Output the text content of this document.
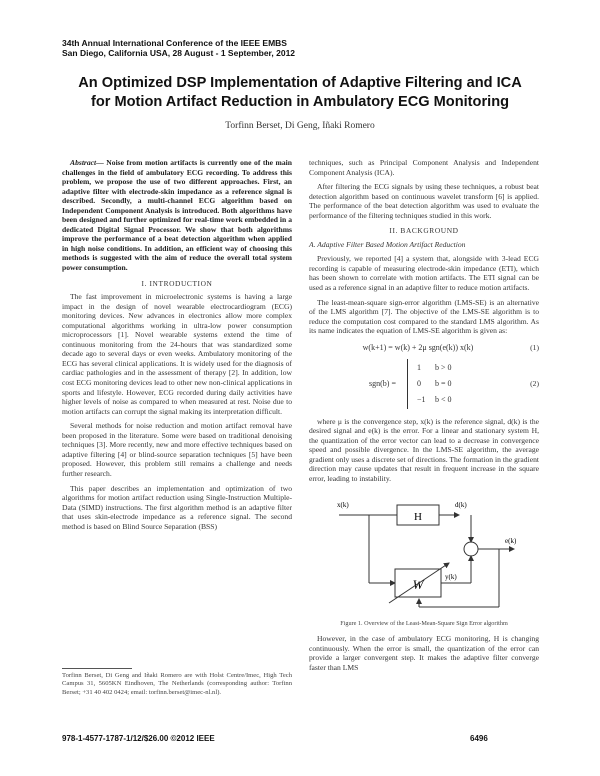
34th Annual International Conference of the IEEE EMBS
San Diego, California USA, 28 August - 1 September, 2012
An Optimized DSP Implementation of Adaptive Filtering and ICA
for Motion Artifact Reduction in Ambulatory ECG Monitoring
Torfinn Berset, Di Geng, Iñaki Romero

Abstract— Noise from motion artifacts is currently one of the main challenges in the field of ambulatory ECG recording. To address this problem, we propose the use of two different approaches. First, an adaptive filter with electrode-skin impedance as a reference signal is described. Secondly, a multi-channel ECG algorithm based on Independent Component Analysis is introduced. Both algorithms have been designed and further optimized for real-time work embedded in a dedicated Digital Signal Processor. We show that both algorithms improve the performance of a beat detection algorithm when applied in high noise conditions. In addition, an efficient way of choosing this methods is suggested with the aim of reduce the overall total system power consumption.

I. INTRODUCTION

The fast improvement in microelectronic systems is having a large impact in the design of novel wearable electrocardiogram (ECG) monitoring devices. New advances in electronics allow more complex computational algorithms working in ultra-low power consumption microprocessors [1]. Novel wearable systems extend the time of continuous monitoring from the 24-hours that was standardized some decade ago to several days or even weeks. Ambulatory monitoring of the ECG has several clinical applications. It is widely used for the diagnosis of cardiac pathologies and in the assessment of therapy [2]. In addition, low cost ECG monitoring devices lead to other new non-clinical applications in sports and lifestyle. However, ECG recorded during daily activities have higher levels of noise as compared to when measured at rest. Noise due to motion artifacts can corrupt the signal making its interpretation difficult.

Several methods for noise reduction and motion artifact removal have been proposed in the literature. Some were based on traditional denoising techniques [3]. More recently, new and more effective techniques based on adaptive filtering [4] or blind-source separation techniques [5] have been proposed. However, this problem still remains a challenge and needs further research.

This paper describes an implementation and optimization of two algorithms for motion artifact reduction using Single-Instruction Multiple-Data (SIMD) instructions. The first algorithm method is an adaptive filter that uses skin-electrode impedance as a reference signal. The second method is based on Blind Source Separation (BSS)

Torfinn Berset, Di Geng and Iñaki Romero are with Holst Centre/Imec, High Tech Campus 31, 5605KN Eindhoven, The Netherlands (corresponding author: Torfinn Berset; +31 40 402 0424; email: torfinn.berset@imec-nl.nl).

techniques, such as Principal Component Analysis and Independent Component Analysis (ICA).

After filtering the ECG signals by using these techniques, a robust beat detection algorithm based on continuous wavelet transform [6] is applied. The performance of the beat detection algorithm was used to evaluate the performance of the filtering techniques studied in this work.

II. BACKGROUND
A. Adaptive Filter Based Motion Artifact Reduction

Previously, we reported [4] a system that, alongside with 3-lead ECG recording is capable of measuring electrode-skin impedance (ETI), which has been shown to correlate with motion artifacts. The ETI signal can be used as a reference signal in an adaptive filter to reduce motion artifacts.

The least-mean-square sign-error algorithm (LMS-SE) is an alternative of the LMS algorithm [7]. The objective of the LMS-SE algorithm is to reduce the computation cost compared to the standard LMS algorithm. As its name indicates the equation of LMS-SE algorithm is given as:

w(k+1) = w(k) + 2μ sgn(e(k)) x(k)	(1)
sgn(b) =
1 b > 0
0 b = 0
−1 b < 0
(2)

where μ is the convergence step, x(k) is the reference signal, d(k) is the desired signal and e(k) is the error. For a linear and stationary system H, the quantization of the error vector can lead to a decrease in convergence speed and possible divergence. In the LMS-SE algorithm, the average gradient only uses a discrete set of directions. The formation in the gradient direction may cause updates that result in frequent increase in the square error, leading to instability.

H
W
x(k)	d(k)
y(k)
e(k)
Figure 1. Overview of the Least-Mean-Square Sign Error algorithm

However, in the case of ambulatory ECG monitoring, H is changing continuously. When the error is small, the quantization of the error can provide a larger convergent step. It makes the adaptive filter converge faster than LMS

978-1-4577-1787-1/12/$26.00 ©2012 IEEE	6496
